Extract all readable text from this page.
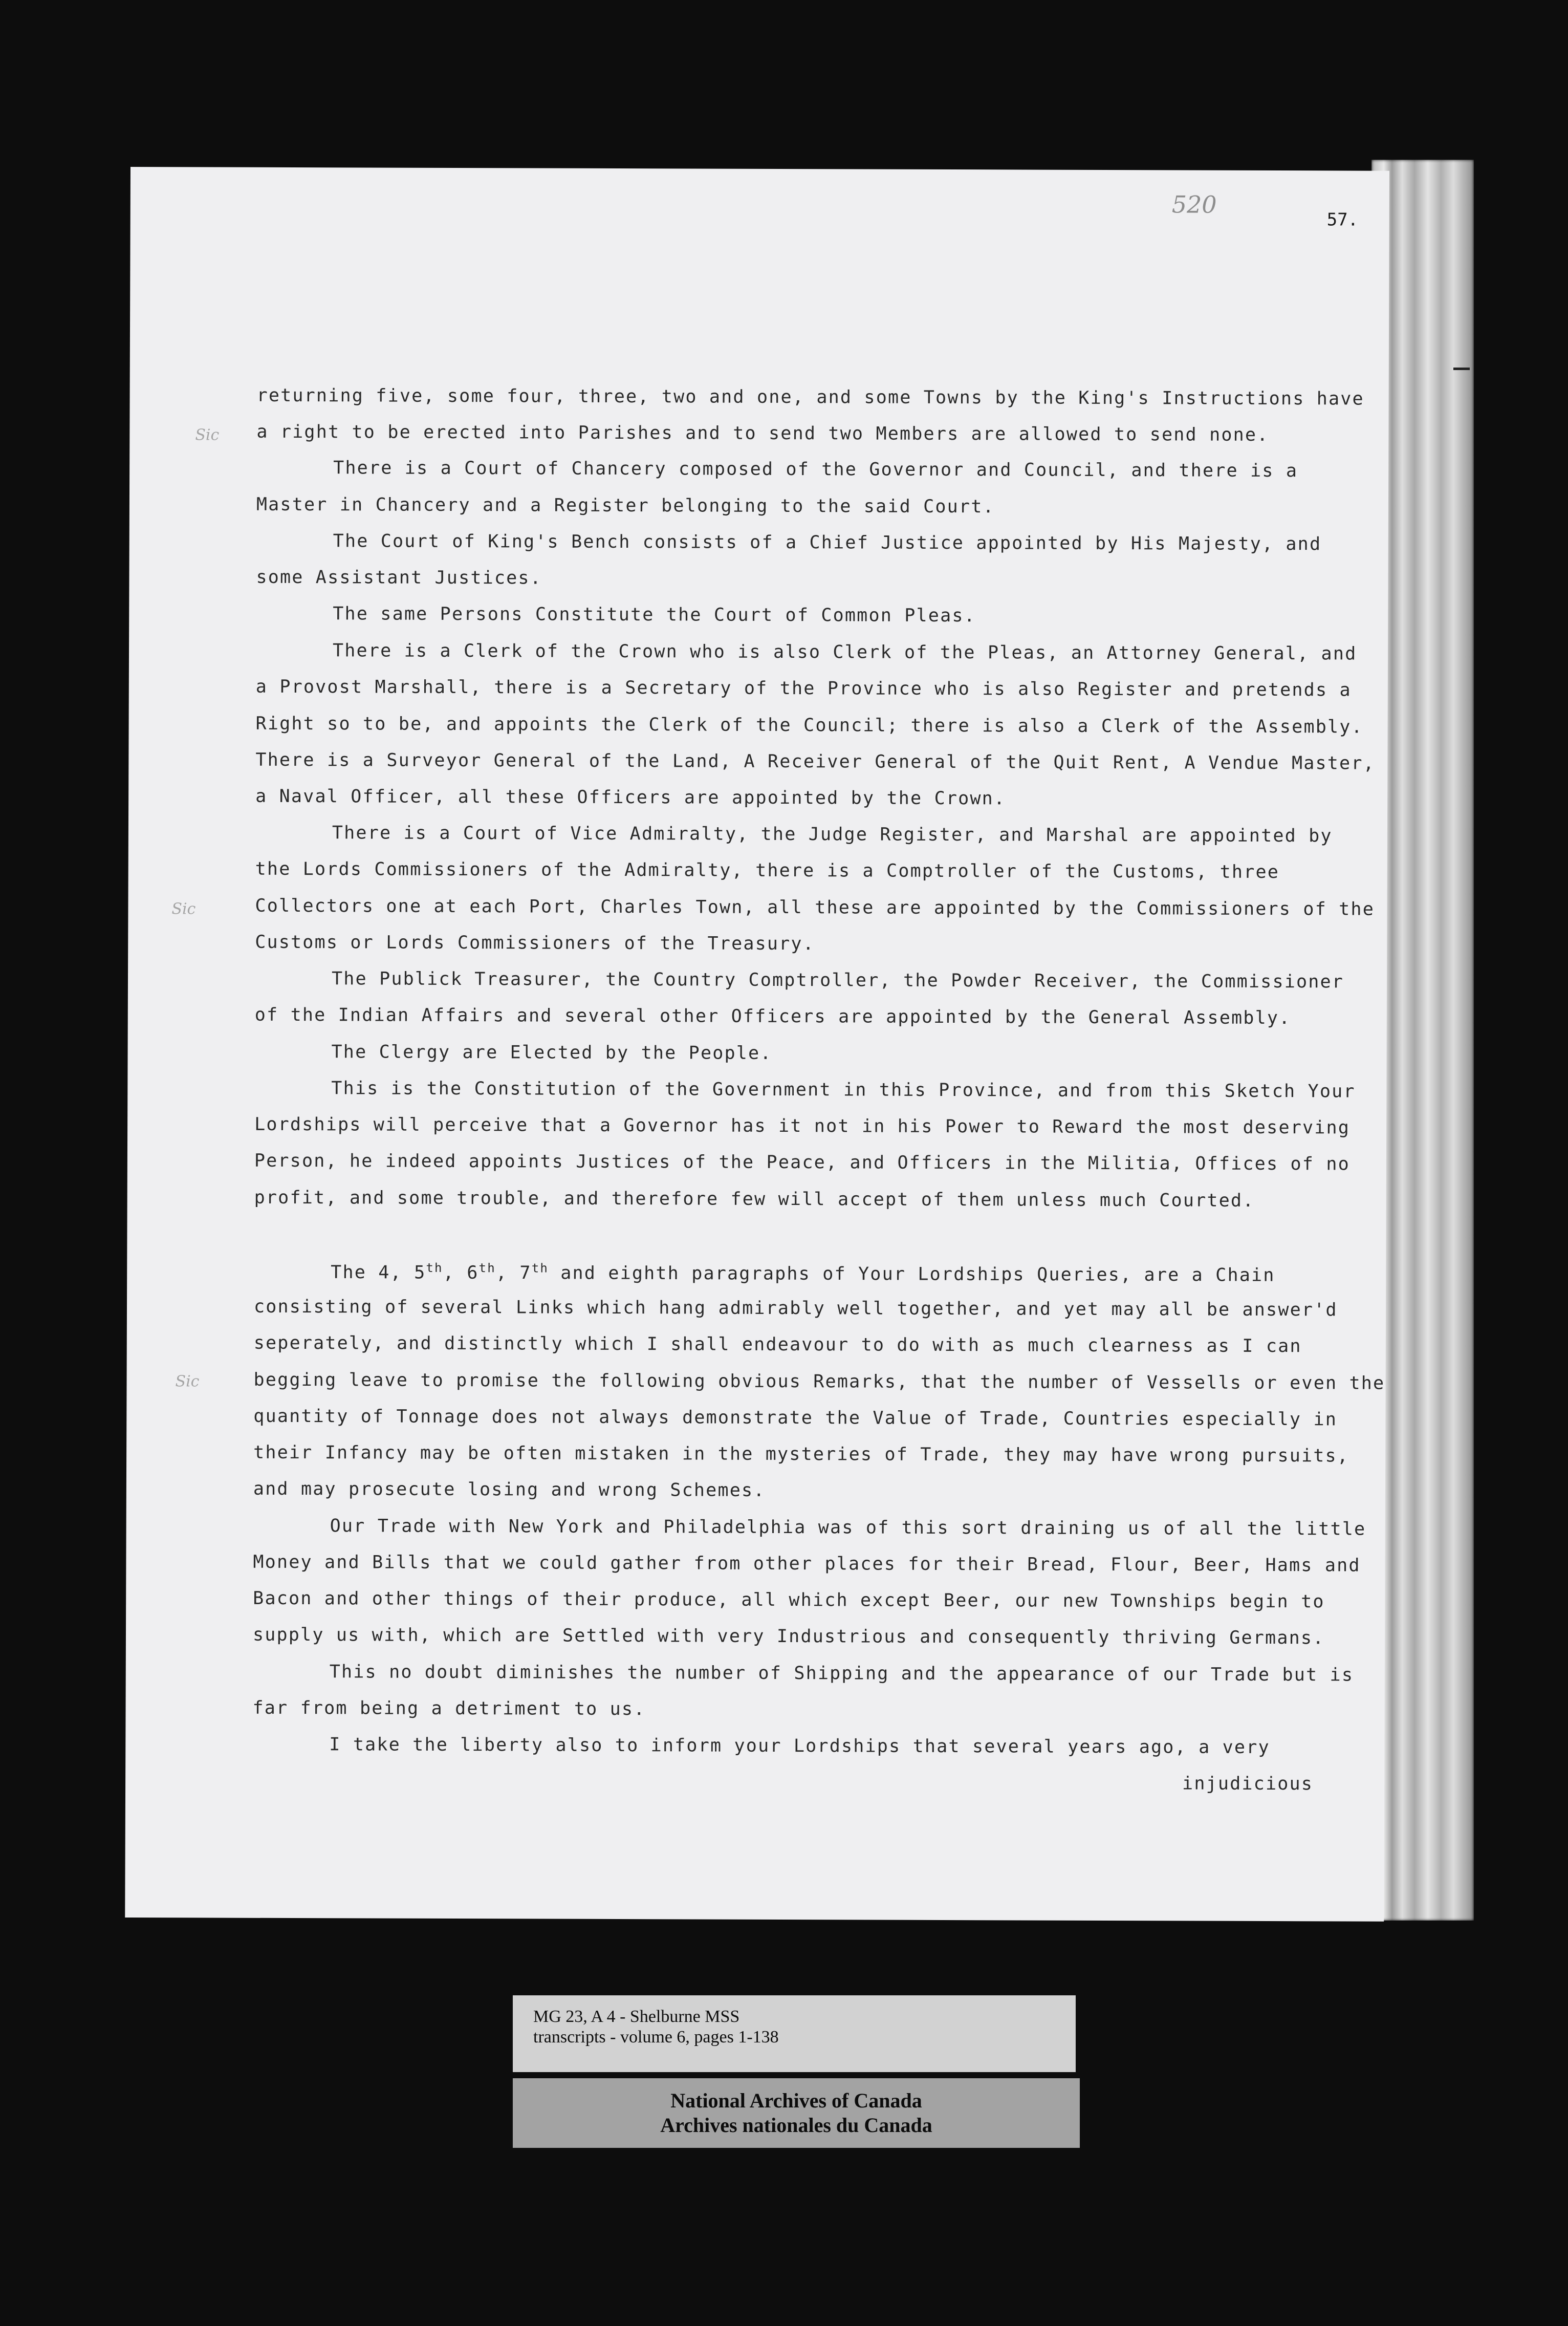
520
57.
Sic
Sic
Sic
returning five, some four, three, two and one, and some Towns by the King's Instructions have
a right to be erected into Parishes and to send two Members are allowed to send none.
There is a Court of Chancery composed of the Governor and Council, and there is a
Master in Chancery and a Register belonging to the said Court.
The Court of King's Bench consists of a Chief Justice appointed by His Majesty, and
some Assistant Justices.
The same Persons Constitute the Court of Common Pleas.
There is a Clerk of the Crown who is also Clerk of the Pleas, an Attorney General, and
a Provost Marshall, there is a Secretary of the Province who is also Register and pretends a
Right so to be, and appoints the Clerk of the Council; there is also a Clerk of the Assembly.
There is a Surveyor General of the Land, A Receiver General of the Quit Rent, A Vendue Master,
a Naval Officer, all these Officers are appointed by the Crown.
There is a Court of Vice Admiralty, the Judge Register, and Marshal are appointed by
the Lords Commissioners of the Admiralty, there is a Comptroller of the Customs, three
Collectors one at each Port, Charles Town, all these are appointed by the Commissioners of the
Customs or Lords Commissioners of the Treasury.
The Publick Treasurer, the Country Comptroller, the Powder Receiver, the Commissioner
of the Indian Affairs and several other Officers are appointed by the General Assembly.
The Clergy are Elected by the People.
This is the Constitution of the Government in this Province, and from this Sketch Your
Lordships will perceive that a Governor has it not in his Power to Reward the most deserving
Person, he indeed appoints Justices of the Peace, and Officers in the Militia, Offices of no
profit, and some trouble, and therefore few will accept of them unless much Courted.
The 4, 5th, 6th, 7th and eighth paragraphs of Your Lordships Queries, are a Chain
consisting of several Links which hang admirably well together, and yet may all be answer'd
seperately, and distinctly which I shall endeavour to do with as much clearness as I can
begging leave to promise the following obvious Remarks, that the number of Vessells or even the
quantity of Tonnage does not always demonstrate the Value of Trade, Countries especially in
their Infancy may be often mistaken in the mysteries of Trade, they may have wrong pursuits,
and may prosecute losing and wrong Schemes.
Our Trade with New York and Philadelphia was of this sort draining us of all the little
Money and Bills that we could gather from other places for their Bread, Flour, Beer, Hams and
Bacon and other things of their produce, all which except Beer, our new Townships begin to
supply us with, which are Settled with very Industrious and consequently thriving Germans.
This no doubt diminishes the number of Shipping and the appearance of our Trade but is
far from being a detriment to us.
I take the liberty also to inform your Lordships that several years ago, a very
injudicious
MG 23, A 4 - Shelburne MSS
transcripts - volume 6, pages 1-138
National Archives of Canada
Archives nationales du Canada
